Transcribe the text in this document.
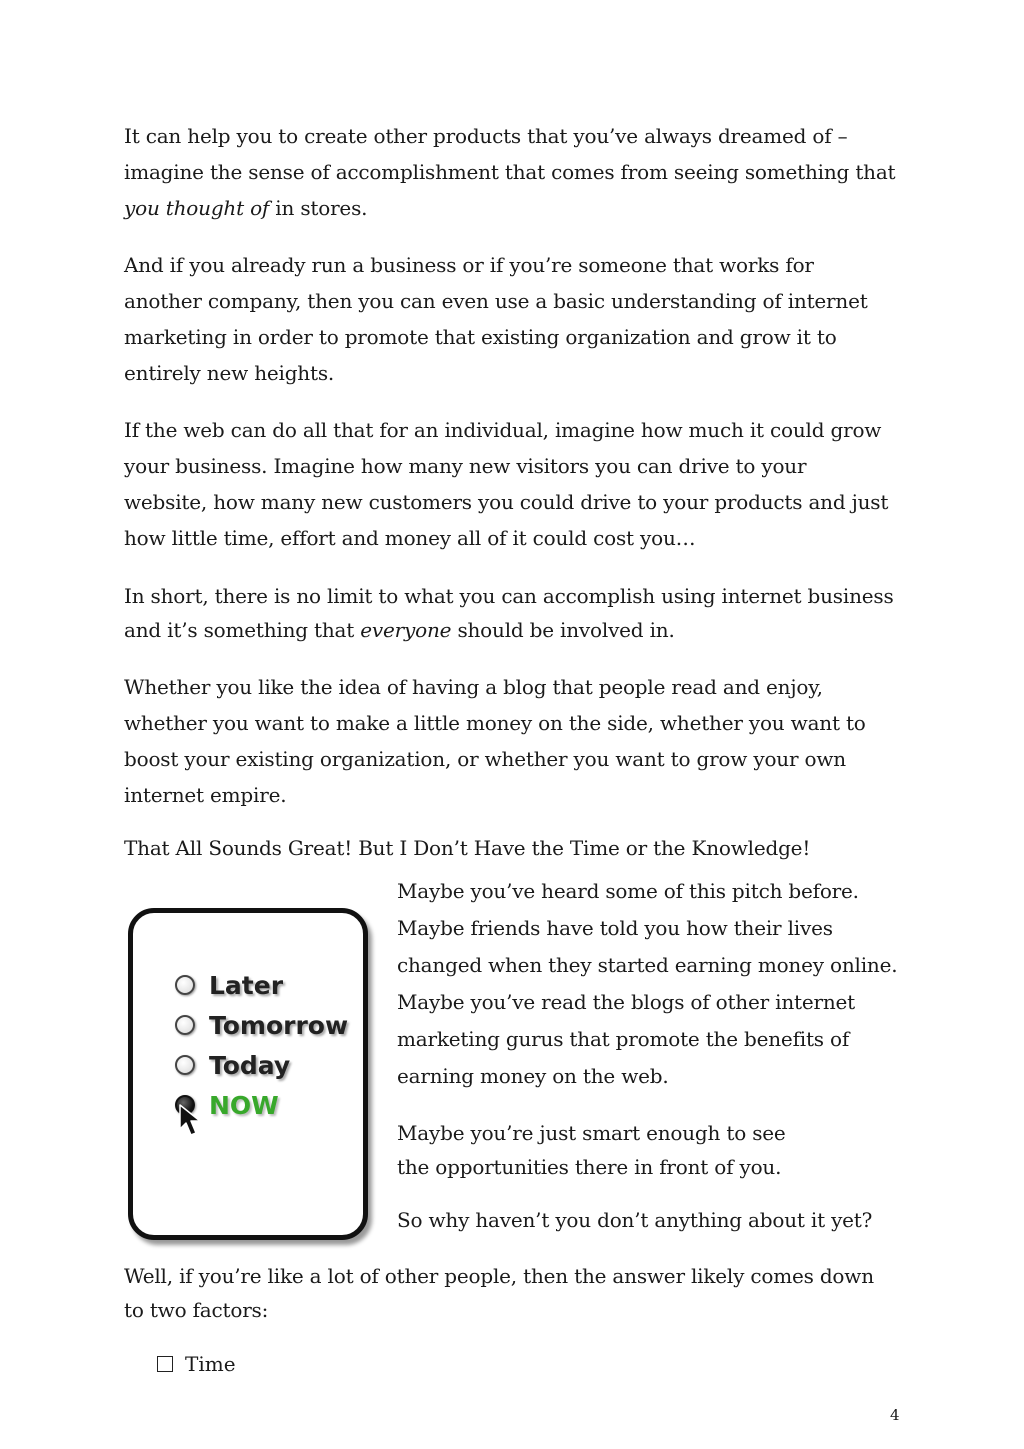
It can help you to create other products that you’ve always dreamed of –
imagine the sense of accomplishment that comes from seeing something that
you thought of in stores.

And if you already run a business or if you’re someone that works for
another company, then you can even use a basic understanding of internet
marketing in order to promote that existing organization and grow it to
entirely new heights.

If the web can do all that for an individual, imagine how much it could grow
your business. Imagine how many new visitors you can drive to your
website, how many new customers you could drive to your products and just
how little time, effort and money all of it could cost you…

In short, there is no limit to what you can accomplish using internet business
and it’s something that everyone should be involved in.

Whether you like the idea of having a blog that people read and enjoy,
whether you want to make a little money on the side, whether you want to
boost your existing organization, or whether you want to grow your own
internet empire.

That All Sounds Great! But I Don’t Have the Time or the Knowledge!

Later
Tomorrow
Today
NOW

Maybe you’ve heard some of this pitch before.
Maybe friends have told you how their lives
changed when they started earning money online.
Maybe you’ve read the blogs of other internet
marketing gurus that promote the benefits of
earning money on the web.

Maybe you’re just smart enough to see
the opportunities there in front of you.

So why haven’t you don’t anything about it yet?

Well, if you’re like a lot of other people, then the answer likely comes down
to two factors:

Time
4
